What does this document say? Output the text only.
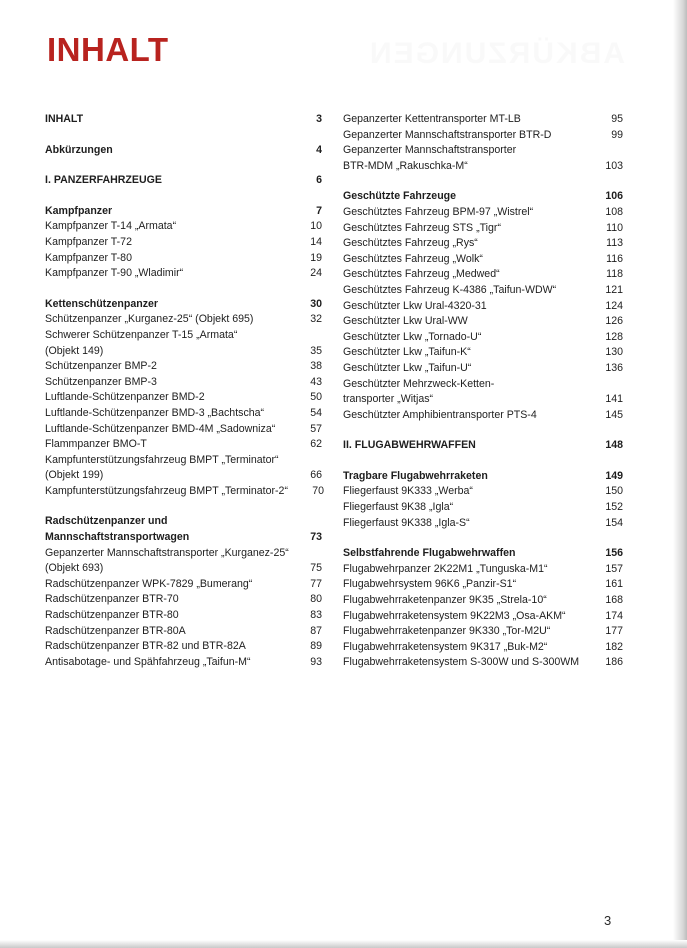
ABKÜRZUNGEN
INHALT
INHALT	3
Abkürzungen	4
I. PANZERFAHRZEUGE	6
Kampfpanzer	7
Kampfpanzer T-14 „Armata“	10
Kampfpanzer T-72	14
Kampfpanzer T-80	19
Kampfpanzer T-90 „Wladimir“	24
Kettenschützenpanzer	30
Schützenpanzer „Kurganez-25“ (Objekt 695)	32
Schwerer Schützenpanzer T-15 „Armata“
(Objekt 149)	35
Schützenpanzer BMP-2	38
Schützenpanzer BMP-3	43
Luftlande-Schützenpanzer BMD-2	50
Luftlande-Schützenpanzer BMD-3 „Bachtscha“	54
Luftlande-Schützenpanzer BMD-4M „Sadowniza“	57
Flammpanzer BMO-T	62
Kampfunterstützungsfahrzeug BMPT „Terminator“
(Objekt 199)	66
Kampfunterstützungsfahrzeug BMPT „Terminator-2“	70
Radschützenpanzer und
Mannschaftstransportwagen	73
Gepanzerter Mannschaftstransporter „Kurganez-25“
(Objekt 693)	75
Radschützenpanzer WPK-7829 „Bumerang“	77
Radschützenpanzer BTR-70	80
Radschützenpanzer BTR-80	83
Radschützenpanzer BTR-80A	87
Radschützenpanzer BTR-82 und BTR-82A	89
Antisabotage- und Spähfahrzeug „Taifun-M“	93
Gepanzerter Kettentransporter MT-LB	95
Gepanzerter Mannschaftstransporter BTR-D	99
Gepanzerter Mannschaftstransporter
BTR-MDM „Rakuschka-M“	103
Geschützte Fahrzeuge	106
Geschütztes Fahrzeug BPM-97 „Wistrel“	108
Geschütztes Fahrzeug STS „Tigr“	110
Geschütztes Fahrzeug „Rys“	113
Geschütztes Fahrzeug „Wolk“	116
Geschütztes Fahrzeug „Medwed“	118
Geschütztes Fahrzeug K-4386 „Taifun-WDW“	121
Geschützter Lkw Ural-4320-31	124
Geschützter Lkw Ural-WW	126
Geschützter Lkw „Tornado-U“	128
Geschützter Lkw „Taifun-K“	130
Geschützter Lkw „Taifun-U“	136
Geschützter Mehrzweck-Ketten-
transporter „Witjas“	141
Geschützter Amphibientransporter PTS-4	145
II. FLUGABWEHRWAFFEN	148
Tragbare Flugabwehrraketen	149
Fliegerfaust 9K333 „Werba“	150
Fliegerfaust 9K38 „Igla“	152
Fliegerfaust 9K338 „Igla-S“	154
Selbstfahrende Flugabwehrwaffen	156
Flugabwehrpanzer 2K22M1 „Tunguska-M1“	157
Flugabwehrsystem 96K6 „Panzir-S1“	161
Flugabwehrraketenpanzer 9K35 „Strela-10“	168
Flugabwehrraketensystem 9K22M3 „Osa-AKM“	174
Flugabwehrraketenpanzer 9K330 „Tor-M2U“	177
Flugabwehrraketensystem 9K317 „Buk-M2“	182
Flugabwehrraketensystem S-300W und S-300WM	186
3
